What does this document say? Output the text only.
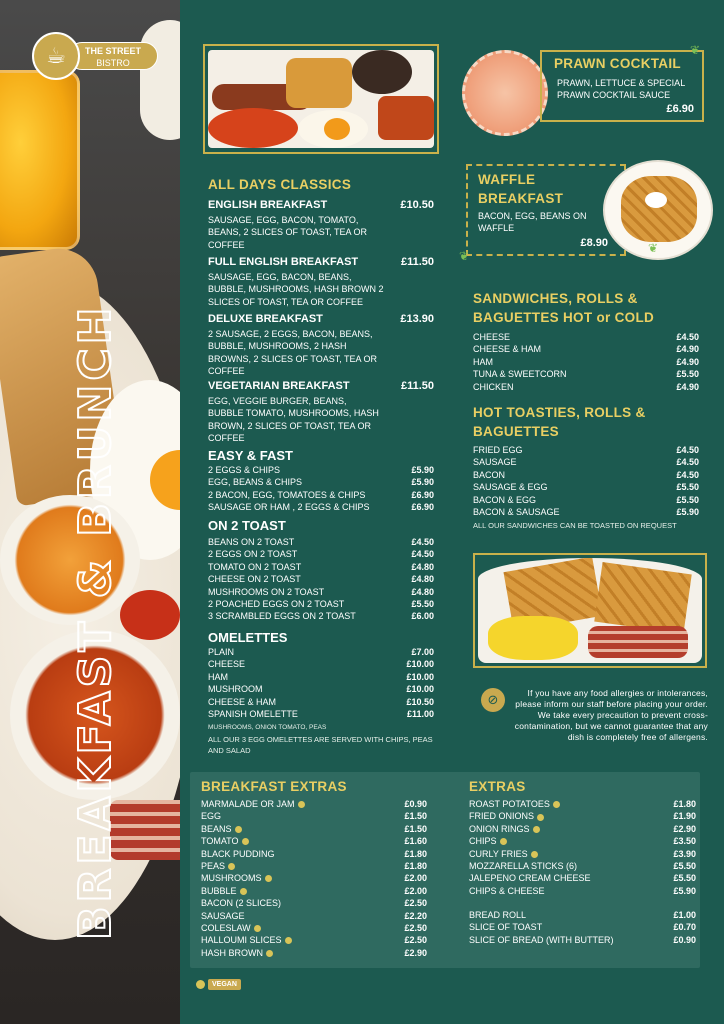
BREAKFAST & BRUNCH
THE STREET
BISTRO
☕	❦
PRAWN COCKTAIL
PRAWN, LETTUCE & SPECIAL PRAWN COCKTAIL SAUCE
£6.90
ALL DAYS CLASSICS
ENGLISH BREAKFAST	£10.50
SAUSAGE, EGG, BACON, TOMATO, BEANS, 2 SLICES OF TOAST, TEA OR COFFEE
FULL ENGLISH BREAKFAST	£11.50
SAUSAGE, EGG, BACON, BEANS, BUBBLE, MUSHROOMS, HASH BROWN 2 SLICES OF TOAST, TEA OR COFFEE
DELUXE BREAKFAST	£13.90
2 SAUSAGE, 2 EGGS, BACON, BEANS, BUBBLE, MUSHROOMS, 2 HASH BROWNS, 2 SLICES OF TOAST, TEA OR COFFEE
VEGETARIAN BREAKFAST	£11.50
EGG, VEGGIE BURGER, BEANS, BUBBLE TOMATO, MUSHROOMS, HASH BROWN, 2 SLICES OF TOAST, TEA OR COFFEE
EASY & FAST
2 EGGS & CHIPS	£5.90
EGG, BEANS & CHIPS	£5.90
2 BACON, EGG, TOMATOES & CHIPS	£6.90
SAUSAGE OR HAM , 2 EGGS & CHIPS	£6.90
ON 2 TOAST
BEANS ON 2 TOAST	£4.50
2 EGGS ON 2 TOAST	£4.50
TOMATO ON 2 TOAST	£4.80
CHEESE ON 2 TOAST	£4.80
MUSHROOMS ON 2 TOAST	£4.80
2 POACHED EGGS ON 2 TOAST	£5.50
3 SCRAMBLED EGGS ON 2 TOAST	£6.00
OMELETTES
PLAIN	£7.00
CHEESE	£10.00
HAM	£10.00
MUSHROOM	£10.00
CHEESE & HAM	£10.50
SPANISH OMELETTE	£11.00
MUSHROOMS, ONION TOMATO, PEAS
ALL OUR 3 EGG OMELETTES ARE SERVED WITH CHIPS, PEAS AND SALAD
WAFFLE BREAKFAST
BACON, EGG, BEANS ON WAFFLE
£8.90
❦
❦
SANDWICHES, ROLLS & BAGUETTES HOT or COLD
CHEESE	£4.50
CHEESE & HAM	£4.90
HAM	£4.90
TUNA & SWEETCORN	£5.50
CHICKEN	£4.90
HOT TOASTIES, ROLLS & BAGUETTES
FRIED EGG	£4.50
SAUSAGE	£4.50
BACON	£4.50
SAUSAGE & EGG	£5.50
BACON & EGG	£5.50
BACON & SAUSAGE	£5.90
ALL OUR SANDWICHES CAN BE TOASTED ON REQUEST
⊘	If you have any food allergies or intolerances, please inform our staff before placing your order. We take every precaution to prevent cross-contamination, but we cannot guarantee that any dish is completely free of allergens.
BREAKFAST EXTRAS
MARMALADE OR JAM	£0.90
EGG	£1.50
BEANS	£1.50
TOMATO	£1.60
BLACK PUDDING	£1.80
PEAS	£1.80
MUSHROOMS	£2.00
BUBBLE	£2.00
BACON (2 SLICES)	£2.50
SAUSAGE	£2.20
COLESLAW	£2.50
HALLOUMI SLICES	£2.50
HASH BROWN	£2.90
EXTRAS
ROAST POTATOES	£1.80
FRIED ONIONS	£1.90
ONION RINGS	£2.90
CHIPS	£3.50
CURLY FRIES	£3.90
MOZZARELLA STICKS (6)	£5.50
JALEPENO CREAM CHEESE	£5.50
CHIPS & CHEESE	£5.90
BREAD ROLL	£1.00
SLICE OF TOAST	£0.70
SLICE OF BREAD (WITH BUTTER)	£0.90
VEGAN
